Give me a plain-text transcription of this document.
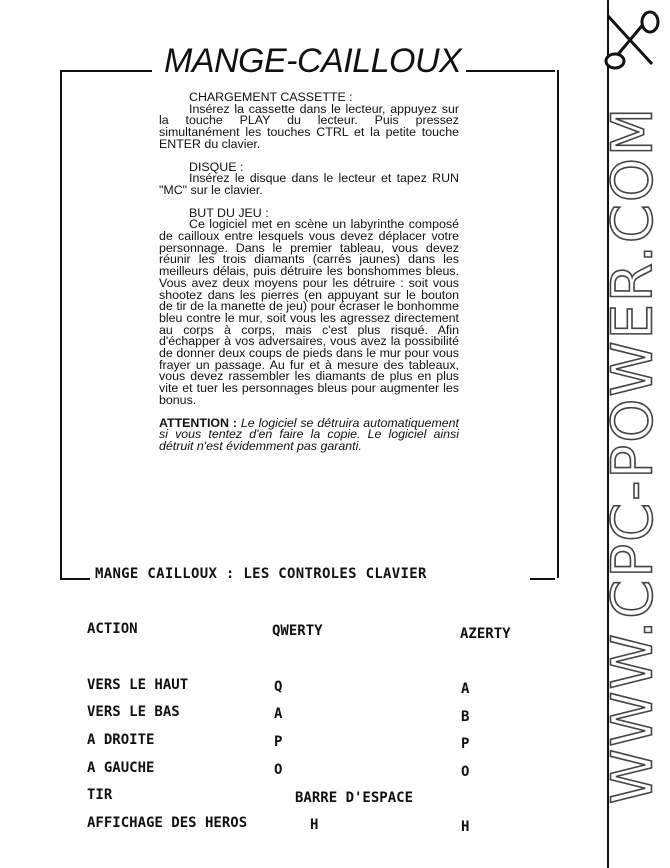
MANGE-CAILLOUX

CHARGEMENT CASSETTE :

Insérez la cassette dans le lecteur, appuyez sur la touche PLAY du lecteur. Puis pressez simultanément les touches CTRL et la petite touche ENTER du clavier.

DISQUE :

Insérez le disque dans le lecteur et tapez RUN "MC" sur le clavier.

BUT DU JEU :

Ce logiciel met en scène un labyrinthe composé de cailloux entre lesquels vous devez déplacer votre personnage. Dans le premier tableau, vous devez réunir les trois diamants (carrés jaunes) dans les meilleurs délais, puis détruire les bonshommes bleus. Vous avez deux moyens pour les détruire : soit vous shootez dans les pierres (en appuyant sur le bouton de tir de la manette de jeu) pour écraser le bonhomme bleu contre le mur, soit vous les agressez directement au corps à corps, mais c'est plus risqué. Afin d'échapper à vos adversaires, vous avez la possibilité de donner deux coups de pieds dans le mur pour vous frayer un passage. Au fur et à mesure des tableaux, vous devez rassembler les diamants de plus en plus vite et tuer les personnages bleus pour augmenter les bonus.

ATTENTION : Le logiciel se détruira automatiquement si vous tentez d'en faire la copie. Le logiciel ainsi détruit n'est évidemment pas garanti.

MANGE CAILLOUX : LES CONTROLES CLAVIER
ACTION	QWERTY	AZERTY
VERS LE HAUT	Q	A
VERS LE BAS	A	B
A DROITE	P	P
A GAUCHE	O	O
TIR	BARRE D'ESPACE
AFFICHAGE DES HEROS	H	H
WWW.CPC-POWER.COM
